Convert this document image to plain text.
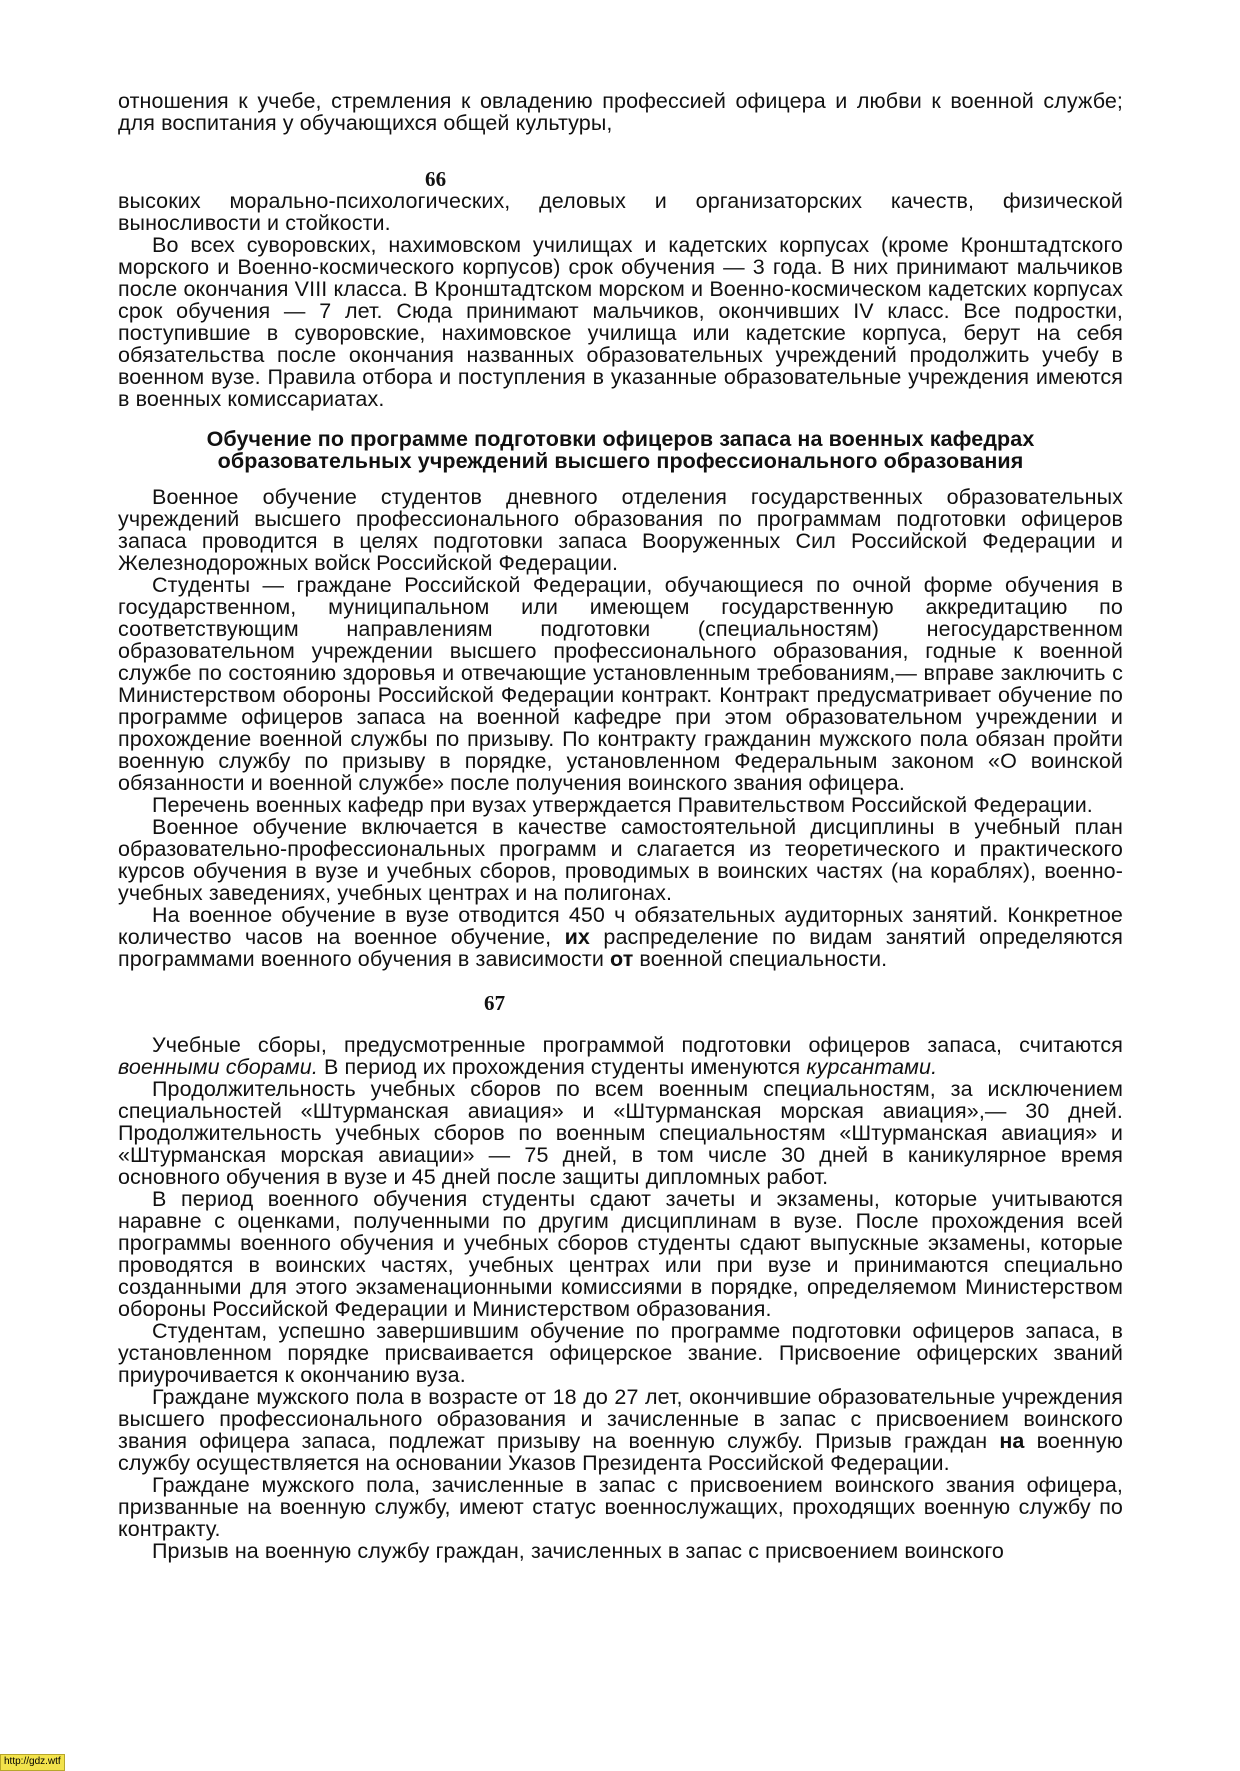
отношения к учебе, стремления к овладению профессией офицера и любви к военной службе; для воспитания у обучающихся общей культуры,

66

высоких морально-психологических, деловых и организаторских качеств, физической выносливости и стойкости.

Во всех суворовских, нахимовском училищах и кадетских корпусах (кроме Кронштадтского морского и Военно-космического корпусов) срок обучения — 3 года. В них принимают мальчиков после окончания VIII класса. В Кронштадтском морском и Военно-космическом кадетских корпусах срок обучения — 7 лет. Сюда принимают мальчиков, окончивших IV класс. Все подростки, поступившие в суворовские, нахимовское училища или кадетские корпуса, берут на себя обязательства после окончания названных образовательных учреждений продолжить учебу в военном вузе. Правила отбора и поступления в указанные образовательные учреждения имеются в военных комиссариатах.

Обучение по программе подготовки офицеров запаса на военных кафедрах
образовательных учреждений высшего профессионального образования

Военное обучение студентов дневного отделения государственных образовательных учреждений высшего профессионального образования по программам подготовки офицеров запаса проводится в целях подготовки запаса Вооруженных Сил Российской Федерации и Железнодорожных войск Российской Федерации.

Студенты — граждане Российской Федерации, обучающиеся по очной форме обучения в государственном, муниципальном или имеющем государственную аккредитацию по соответствующим направлениям подготовки (специальностям) негосударственном образовательном учреждении высшего профессионального образования, годные к военной службе по состоянию здоровья и отвечающие установленным требованиям,— вправе заключить с Министерством обороны Российской Федерации контракт. Контракт предусматривает обучение по программе офицеров запаса на военной кафедре при этом образовательном учреждении и прохождение военной службы по призыву. По контракту гражданин мужского пола обязан пройти военную службу по призыву в порядке, установленном Федеральным законом «О воинской обязанности и военной службе» после получения воинского звания офицера.

Перечень военных кафедр при вузах утверждается Правительством Российской Федерации.

Военное обучение включается в качестве самостоятельной дисциплины в учебный план образовательно-профессиональных программ и слагается из теоретического и практического курсов обучения в вузе и учебных сборов, проводимых в воинских частях (на кораблях), военно-учебных заведениях, учебных центрах и на полигонах.

На военное обучение в вузе отводится 450 ч обязательных аудиторных занятий. Конкретное количество часов на военное обучение, их распределение по видам занятий определяются программами военного обучения в зависимости от военной специальности.

67

Учебные сборы, предусмотренные программой подготовки офицеров запаса, считаются военными сборами. В период их прохождения студенты именуются курсантами.

Продолжительность учебных сборов по всем военным специальностям, за исключением специальностей «Штурманская авиация» и «Штурманская морская авиация»,— 30 дней. Продолжительность учебных сборов по военным специальностям «Штурманская авиация» и «Штурманская морская авиации» — 75 дней, в том числе 30 дней в каникулярное время основного обучения в вузе и 45 дней после защиты дипломных работ.

В период военного обучения студенты сдают зачеты и экзамены, которые учитываются наравне с оценками, полученными по другим дисциплинам в вузе. После прохождения всей программы военного обучения и учебных сборов студенты сдают выпускные экзамены, которые проводятся в воинских частях, учебных центрах или при вузе и принимаются специально созданными для этого экзаменационными комиссиями в порядке, определяемом Министерством обороны Российской Федерации и Министерством образования.

Студентам, успешно завершившим обучение по программе подготовки офицеров запаса, в установленном порядке присваивается офицерское звание. Присвоение офицерских званий приурочивается к окончанию вуза.

Граждане мужского пола в возрасте от 18 до 27 лет, окончившие образовательные учреждения высшего профессионального образования и зачисленные в запас с присвоением воинского звания офицера запаса, подлежат призыву на военную службу. Призыв граждан на военную службу осуществляется на основании Указов Президента Российской Федерации.

Граждане мужского пола, зачисленные в запас с присвоением воинского звания офицера, призванные на военную службу, имеют статус военнослужащих, проходящих военную службу по контракту.

Призыв на военную службу граждан, зачисленных в запас с присвоением воинского

http://gdz.wtf
